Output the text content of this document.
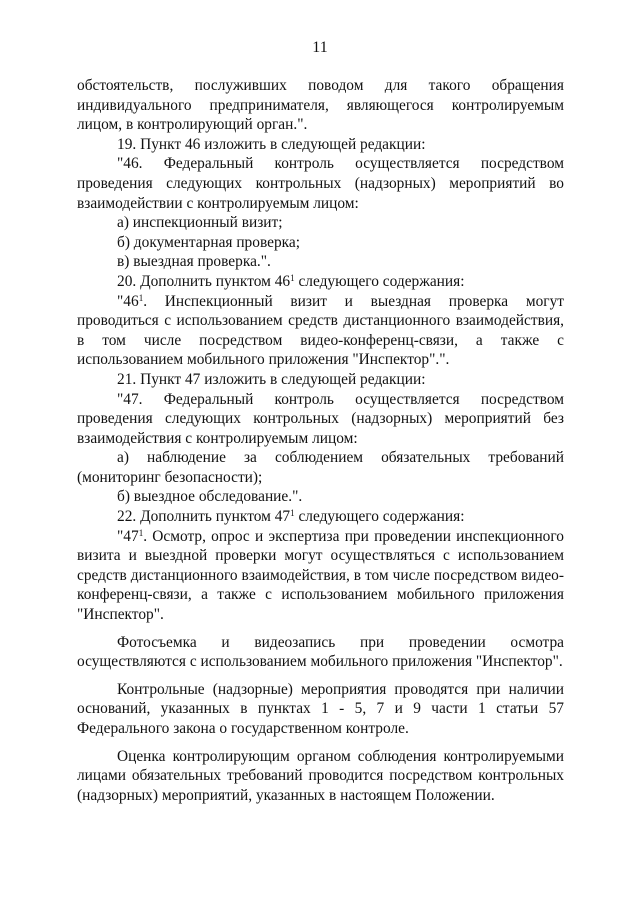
11

обстоятельств, послуживших поводом для такого обращения индивидуального предпринимателя, являющегося контролируемым лицом, в контролирующий орган.".

19. Пункт 46 изложить в следующей редакции:

"46. Федеральный контроль осуществляется посредством проведения следующих контрольных (надзорных) мероприятий во взаимодействии с контролируемым лицом:

а) инспекционный визит;

б) документарная проверка;

в) выездная проверка.".

20. Дополнить пунктом $46^1$ следующего содержания:

"$46^1$. Инспекционный визит и выездная проверка могут проводиться с использованием средств дистанционного взаимодействия, в том числе посредством видео-конференц-связи, а также с использованием мобильного приложения "Инспектор".".

21. Пункт 47 изложить в следующей редакции:

"47. Федеральный контроль осуществляется посредством проведения следующих контрольных (надзорных) мероприятий без взаимодействия с контролируемым лицом:

а) наблюдение за соблюдением обязательных требований (мониторинг безопасности);

б) выездное обследование.".

22. Дополнить пунктом $47^1$ следующего содержания:

"$47^1$. Осмотр, опрос и экспертиза при проведении инспекционного визита и выездной проверки могут осуществляться с использованием средств дистанционного взаимодействия, в том числе посредством видео-конференц-связи, а также с использованием мобильного приложения "Инспектор".

Фотосъемка и видеозапись при проведении осмотра осуществляются с использованием мобильного приложения "Инспектор".

Контрольные (надзорные) мероприятия проводятся при наличии оснований, указанных в пунктах 1 - 5, 7 и 9 части 1 статьи 57 Федерального закона о государственном контроле.

Оценка контролирующим органом соблюдения контролируемыми лицами обязательных требований проводится посредством контрольных (надзорных) мероприятий, указанных в настоящем Положении.
